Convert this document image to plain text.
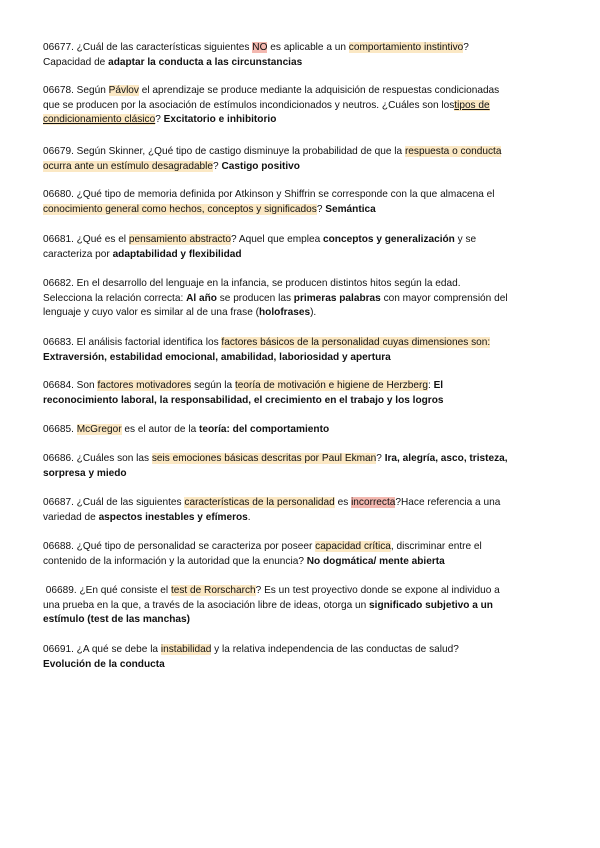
06677. ¿Cuál de las características siguientes NO es aplicable a un comportamiento instintivo?
Capacidad de adaptar la conducta a las circunstancias
06678. Según Pávlov el aprendizaje se produce mediante la adquisición de respuestas condicionadas
que se producen por la asociación de estímulos incondicionados y neutros. ¿Cuáles son lostipos de
condicionamiento clásico? Excitatorio e inhibitorio
06679. Según Skinner, ¿Qué tipo de castigo disminuye la probabilidad de que la respuesta o conducta
ocurra ante un estímulo desagradable? Castigo positivo
06680. ¿Qué tipo de memoria definida por Atkinson y Shiffrin se corresponde con la que almacena el
conocimiento general como hechos, conceptos y significados? Semántica
06681. ¿Qué es el pensamiento abstracto? Aquel que emplea conceptos y generalización y se
caracteriza por adaptabilidad y flexibilidad
06682. En el desarrollo del lenguaje en la infancia, se producen distintos hitos según la edad.
Selecciona la relación correcta: Al año se producen las primeras palabras con mayor comprensión del
lenguaje y cuyo valor es similar al de una frase (holofrases).
06683. El análisis factorial identifica los factores básicos de la personalidad cuyas dimensiones son:
Extraversión, estabilidad emocional, amabilidad, laboriosidad y apertura
06684. Son factores motivadores según la teoría de motivación e higiene de Herzberg: El
reconocimiento laboral, la responsabilidad, el crecimiento en el trabajo y los logros
06685. McGregor es el autor de la teoría: del comportamiento
06686. ¿Cuáles son las seis emociones básicas descritas por Paul Ekman? Ira, alegría, asco, tristeza,
sorpresa y miedo
06687. ¿Cuál de las siguientes características de la personalidad es incorrecta?Hace referencia a una
variedad de aspectos inestables y efímeros.
06688. ¿Qué tipo de personalidad se caracteriza por poseer capacidad crítica, discriminar entre el
contenido de la información y la autoridad que la enuncia? No dogmática/ mente abierta
06689. ¿En qué consiste el test de Rorscharch? Es un test proyectivo donde se expone al individuo a
una prueba en la que, a través de la asociación libre de ideas, otorga un significado subjetivo a un
estímulo (test de las manchas)
06691. ¿A qué se debe la instabilidad y la relativa independencia de las conductas de salud?
Evolución de la conducta
